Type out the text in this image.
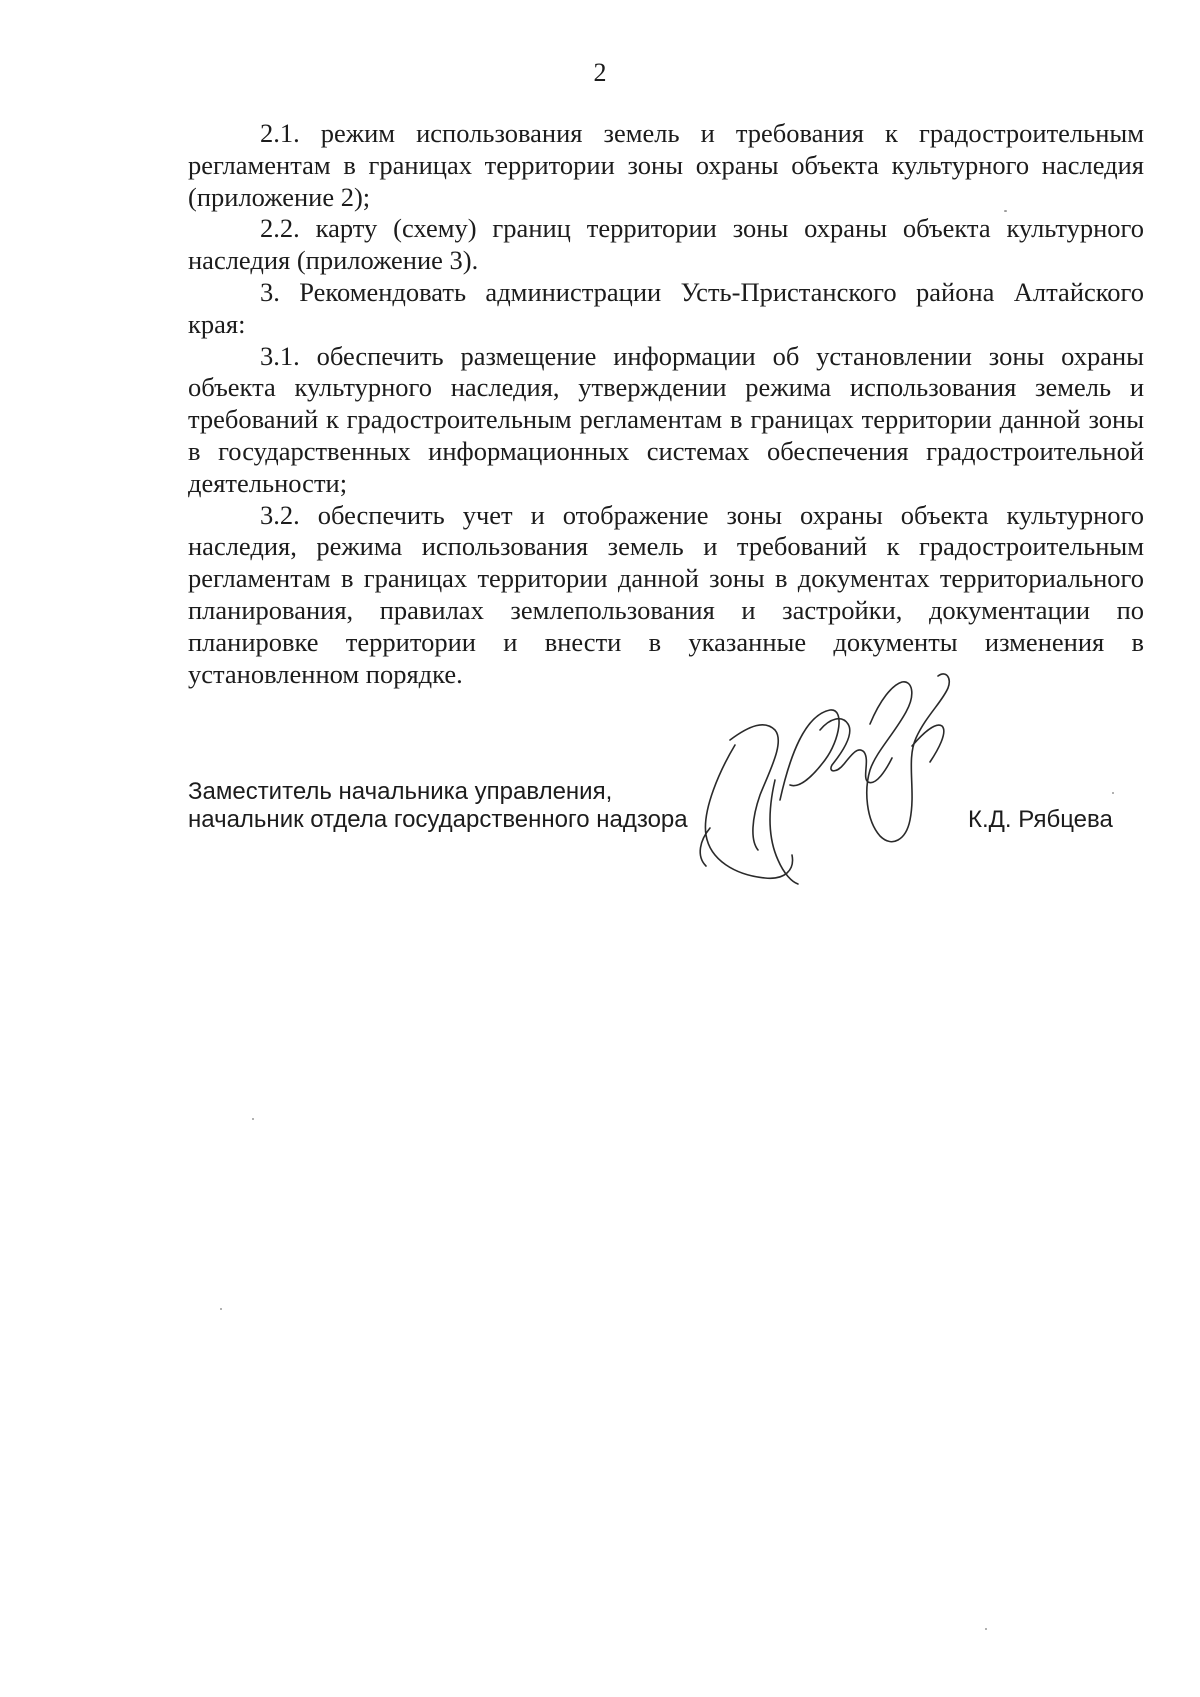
2

2.1. режим использования земель и требования к градостроительным регламентам в границах территории зоны охраны объекта культурного наследия (приложение 2);

2.2. карту (схему) границ территории зоны охраны объекта культурного наследия (приложение 3).

3. Рекомендовать администрации Усть-Пристанского района Алтайского края:

3.1. обеспечить размещение информации об установлении зоны охраны объекта культурного наследия, утверждении режима использования земель и требований к градостроительным регламентам в границах территории данной зоны в государственных информационных системах обеспечения градостроительной деятельности;

3.2. обеспечить учет и отображение зоны охраны объекта культурного наследия, режима использования земель и требований к градостроительным регламентам в границах территории данной зоны в документах территориального планирования, правилах землепользования и застройки, документации по планировке территории и внести в указанные документы изменения в установленном порядке.

Заместитель начальника управления,
начальник отдела государственного надзора	К.Д. Рябцева
